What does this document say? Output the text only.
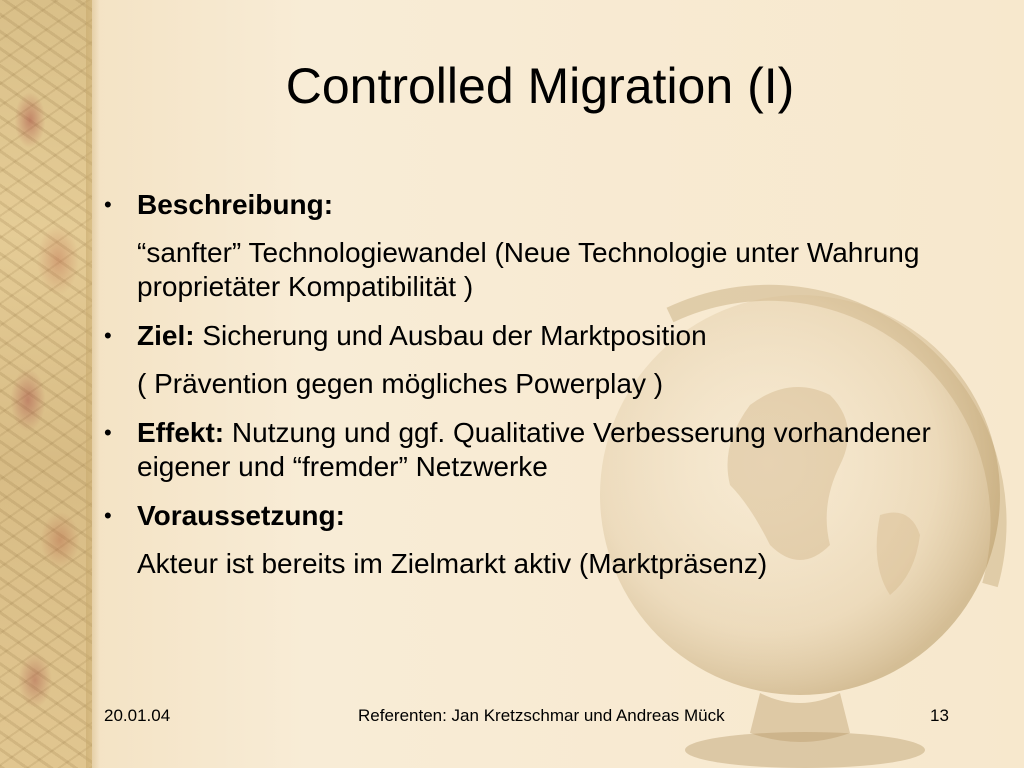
Controlled Migration (I)
• Beschreibung:
“sanfter” Technologiewandel (Neue Technologie unter Wahrung proprietäter Kompatibilität )
• Ziel: Sicherung und Ausbau der Marktposition
( Prävention gegen mögliches Powerplay )
• Effekt: Nutzung und ggf. Qualitative Verbesserung vorhandener eigener und “fremder” Netzwerke
• Voraussetzung:
Akteur ist bereits im Zielmarkt aktiv (Marktpräsenz)
20.01.04	Referenten: Jan Kretzschmar und Andreas Mück	13
